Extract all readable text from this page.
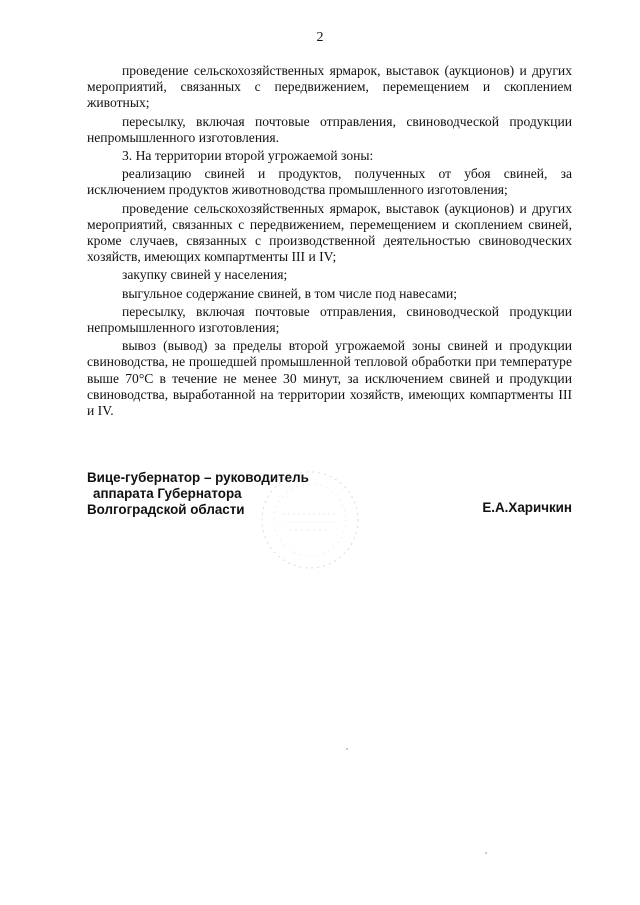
2

проведение сельскохозяйственных ярмарок, выставок (аукционов) и других мероприятий, связанных с передвижением, перемещением и скоплением животных;

пересылку, включая почтовые отправления, свиноводческой продукции непромышленного изготовления.

3. На территории второй угрожаемой зоны:

реализацию свиней и продуктов, полученных от убоя свиней, за исключением продуктов животноводства промышленного изготовления;

проведение сельскохозяйственных ярмарок, выставок (аукционов) и других мероприятий, связанных с передвижением, перемещением и скоплением свиней, кроме случаев, связанных с производственной деятельностью свиноводческих хозяйств, имеющих компартменты III и IV;

закупку свиней у населения;

выгульное содержание свиней, в том числе под навесами;

пересылку, включая почтовые отправления, свиноводческой продукции непромышленного изготовления;

вывоз (вывод) за пределы второй угрожаемой зоны свиней и продукции свиноводства, не прошедшей промышленной тепловой обработки при температуре выше 70°C в течение не менее 30 минут, за исключением свиней и продукции свиноводства, выработанной на территории хозяйств, имеющих компартменты III и IV.

Вице-губернатор – руководитель
аппарата Губернатора
Волгоградской области	Е.А.Харичкин
